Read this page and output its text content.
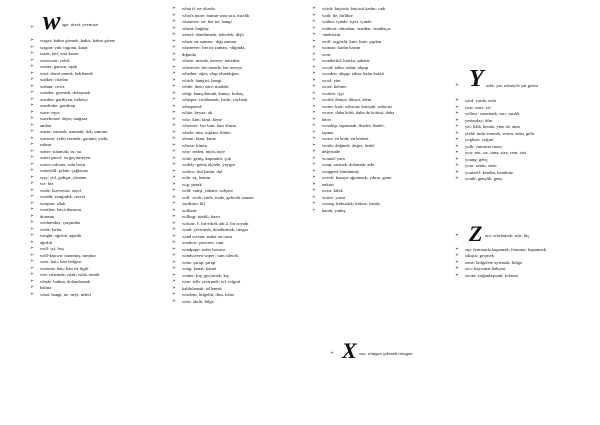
➢ w age: ücret, yevmiye
➢ wager: bahse girmek ;bahis; bahse girme
➢ wagon: yük vagonu, katar
➢ waist: bel; orta kısım
➢ waistcoat: yelek
➢ waiter: garson, uşak
➢ wait: davet etmek, beklemek
➢ walker: cüzdan
➢ walnut: ceviz
➢ wander: gezmek, dolaşmak
➢ warden: gardiyan, nöbetçi
➢ wardrobe: gardırop
➢ ware: eşya
➢ warehouse: depo; mağaza
➢ ambar
➢ warm: ısıtmak, ısınmak; ılık, samimi
➢ warrant: yetki vermek; garanti; yetki,
➢ ruhsat
➢ water: sulamak; su; su
➢ water proof: su geçirmeyen
➢ water-colours: sulu boya
➢ waterfall: şelale, çağlayan
➢ way: yol, gidişat, yöntem
➢ we: biz
➢ weak: kuvvetsiz, zayıf
➢ wealth: zenginlik, servet
➢ weapon: silah
➢ weather: hava durumu
➢ durumu
➢ wednesday: çarşamba
➢ week: hafta
➢ weight: ağırlık; ağırlık
➢ ağırlık
➢ well: iyi, hoş
➢ well-known: tanınmış, meşhur
➢ west: batı; batı bölgesi
➢ western: batı; batı ile ilgili
➢ wet: ıslatmak; ıslak; ıslak, nemli
➢ whale: balina; dolandırmak
➢ balina
➢ what: hangi, ne, neyi, neleri
➢ what if: ne olurdu
➢ what's more: bunun yanı sıra, üstelik
➢ whatever: ne, her ne, hangi
➢ wheat: buğday
➢ wheel: döndürmek; tekerlek, dişli
➢ when: ne zaman; -dığı zaman
➢ whenever: her ne zaman, -dığında,
➢ dığında
➢ where: nerede, nereye; nereden
➢ wherever: her nerede, her nereye
➢ whether: eğer; olup olmadığını
➢ which: hangisi, hangi
➢ while: iken; süre; müddet
➢ whip: kamçılamak; kamçı, kırbaç
➢ whisper: fısıldamak; fısıltı, söylenti
➢ whispered:
➢ white: beyaz; ak
➢ who: kim; kimi, kime
➢ whoever: her kim, kim olursa
➢ whole: tüm, toplam, bütün
➢ whom: kimi, kime
➢ whose: kimin
➢ why: neden, niçin, niye
➢ wide: geniş, kapsamlı; çok
➢ widely: geniş ölçüde, yaygın
➢ widow: dul kadın, dul
➢ wife: eş, hanım
➢ wig: peruk
➢ wild: vahşi, yabani; vahşice
➢ will: -ecek; istek, irade, gelecek zaman
➢ yardımcı fiil
➢ william:
➢ willing: istekli, hazır
➢ wilson: 1. bir erkek adı 2. bir soyadı
➢ wind: çevirmek, döndürmek; rüzgar
➢ wind screen: araba ön camı
➢ window: pencere, cam
➢ windpipe: nefes borusu
➢ windscreen wiper: cam silecek
➢ wine: şarap; şarap
➢ wing: kanat; kanat
➢ winter: kış; geçirmek; kış
➢ wire: telle çevirmek; tel; telgraf
➢ kablolamak; tellemek
➢ wisdom: bilgelik; ilim, irfan
➢ wise: akıllı, bilge
➢ witch: büyücü; büyücü kadın; cadı
➢ with: ile, birlikte
➢ within: içinde; içeri, içinde
➢ without: olmadan, -meden, -madıkça;
➢ -meksizin
➢ wolf: açgözlü, kurt; kurt; çapkın
➢ woman: kadın bayan
➢ won:
➢ wonderful: harika; şahane
➢ wood: tahta; odun; ahşap
➢ wooden: ahşap; tahta; kalın kafalı
➢ wool: yün
➢ word: kelime
➢ worker: işçi
➢ world: dünya; dünya, alem
➢ worm: kurt; solucan; kurtçuk, solucan
➢ worse: daha kötü; daha da kötüsü, daha
➢ beter
➢ worship: tapınmak; ibadet; ibadet,
➢ tapma
➢ worst: en kötü; en kötüsü
➢ worth: değmek; değer; bedel
➢ değerinde
➢ wound: yara
➢ wrap: sarmak, dolamak; atkı
➢ wrapped: bürünmüş
➢ wreck: kazaya uğratmak; yıkım, gemi
➢ enkazı
➢ wrist: bilek
➢ writer: yazar
➢ wrong: haksızlık; haksız, hatalı;
➢ hatalı, yanlış
➢ X -ray: röntgen çekmek röntgen
➢ Y acht: yat; tekneyle yat gezisi
➢ yard: yarda, avlu
➢ year: sene, yıl
➢ yellow: sararmak; sarı, sarılık
➢ yesterday: dün
➢ yet: hâlâ, henüz; yine de, ama
➢ yield: ürün vermek, verim, ürün, gelir
➢ yoghurt: yoğurt
➢ yolk: yumurta sarısı
➢ you: sen, siz, sana, size, seni, sizi
➢ young: genç
➢ your: senin, sizin
➢ yourself: kendin, kendiniz
➢ youth: gençlik, genç
➢ Z ero: sıfırlamak; sıfır, hiç
➢ zip: fermuarla kapamak; fermuar; kapatmak,
➢ sıkıştır, geçmek
➢ zone: bölgelere ayırmak; bölge
➢ zoo: hayvanat bahçesi
➢ zoom: yoğunlaşmak; fırlama
